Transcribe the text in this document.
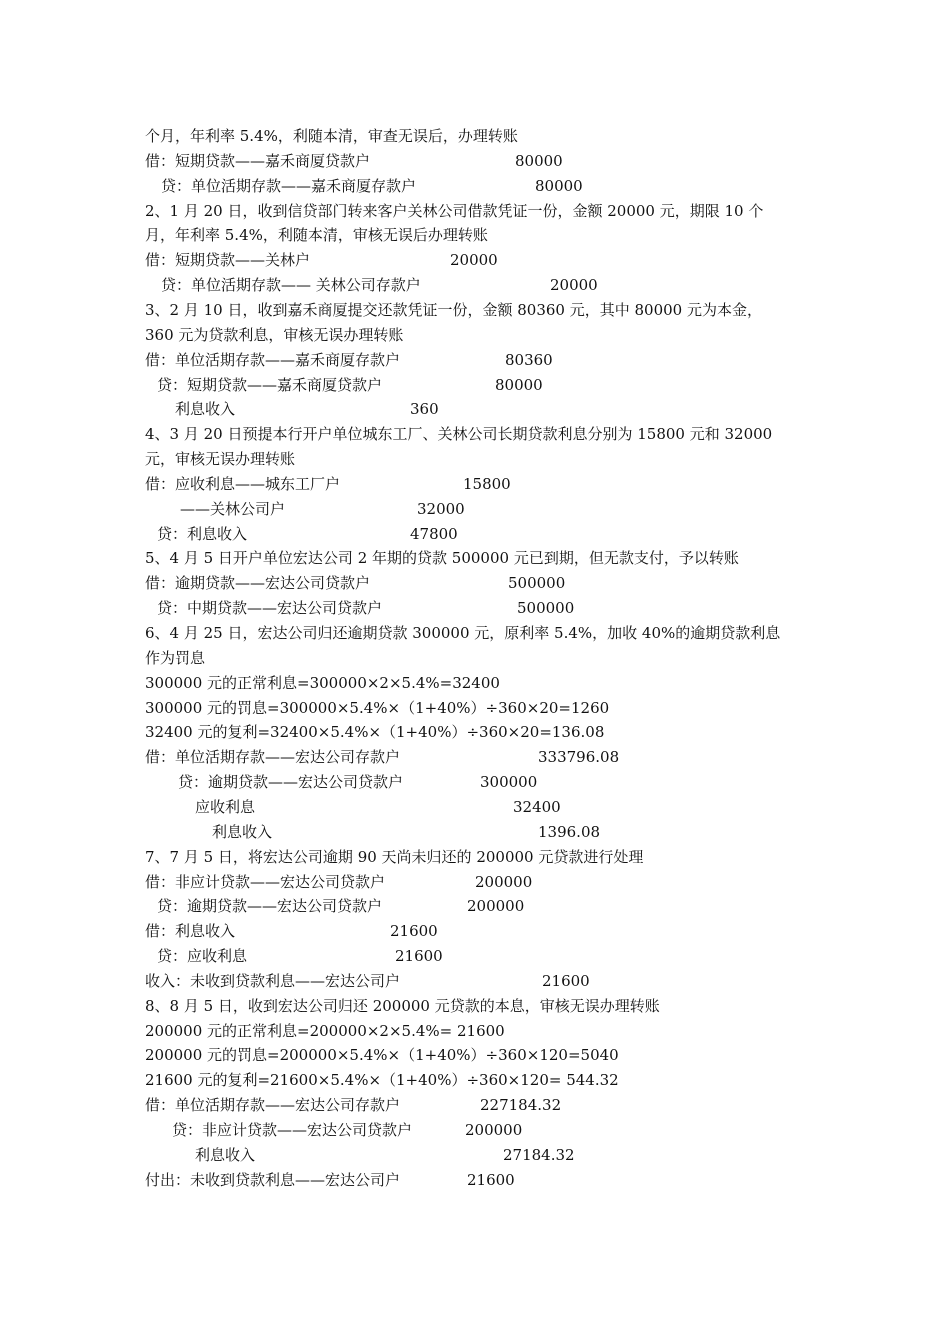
个月，年利率 5.4%，利随本清，审查无误后，办理转账
借：短期贷款——嘉禾商厦贷款户	80000
贷：单位活期存款——嘉禾商厦存款户	80000
2、1 月 20 日，收到信贷部门转来客户关林公司借款凭证一份，金额 20000 元，期限 10 个
月，年利率 5.4%，利随本清，审核无误后办理转账
借：短期贷款——关林户	20000
贷：单位活期存款—— 关林公司存款户	20000
3、2 月 10 日，收到嘉禾商厦提交还款凭证一份，金额 80360 元，其中 80000 元为本金，
360 元为贷款利息，审核无误办理转账
借：单位活期存款——嘉禾商厦存款户	80360
贷：短期贷款——嘉禾商厦贷款户	80000
利息收入	360
4、3 月 20 日预提本行开户单位城东工厂、关林公司长期贷款利息分别为 15800 元和 32000
元，审核无误办理转账
借：应收利息——城东工厂户	15800
——关林公司户	32000
贷：利息收入	47800
5、4 月 5 日开户单位宏达公司 2 年期的贷款 500000 元已到期，但无款支付，予以转账
借：逾期贷款——宏达公司贷款户	500000
贷：中期贷款——宏达公司贷款户	500000
6、4 月 25 日，宏达公司归还逾期贷款 300000 元，原利率 5.4%，加收 40%的逾期贷款利息
作为罚息
300000 元的正常利息=300000×2×5.4%=32400
300000 元的罚息=300000×5.4%×（1+40%）÷360×20=1260
32400 元的复利=32400×5.4%×（1+40%）÷360×20=136.08
借：单位活期存款——宏达公司存款户	333796.08
贷：逾期贷款——宏达公司贷款户	300000
应收利息	32400
利息收入	1396.08
7、7 月 5 日，将宏达公司逾期 90 天尚未归还的 200000 元贷款进行处理
借：非应计贷款——宏达公司贷款户	200000
贷：逾期贷款——宏达公司贷款户	200000
借：利息收入	21600
贷：应收利息	21600
收入：未收到贷款利息——宏达公司户	21600
8、8 月 5 日，收到宏达公司归还 200000 元贷款的本息，审核无误办理转账
200000 元的正常利息=200000×2×5.4%= 21600
200000 元的罚息=200000×5.4%×（1+40%）÷360×120=5040
21600 元的复利=21600×5.4%×（1+40%）÷360×120= 544.32
借：单位活期存款——宏达公司存款户	227184.32
贷：非应计贷款——宏达公司贷款户	200000
利息收入	27184.32
付出：未收到贷款利息——宏达公司户	21600
